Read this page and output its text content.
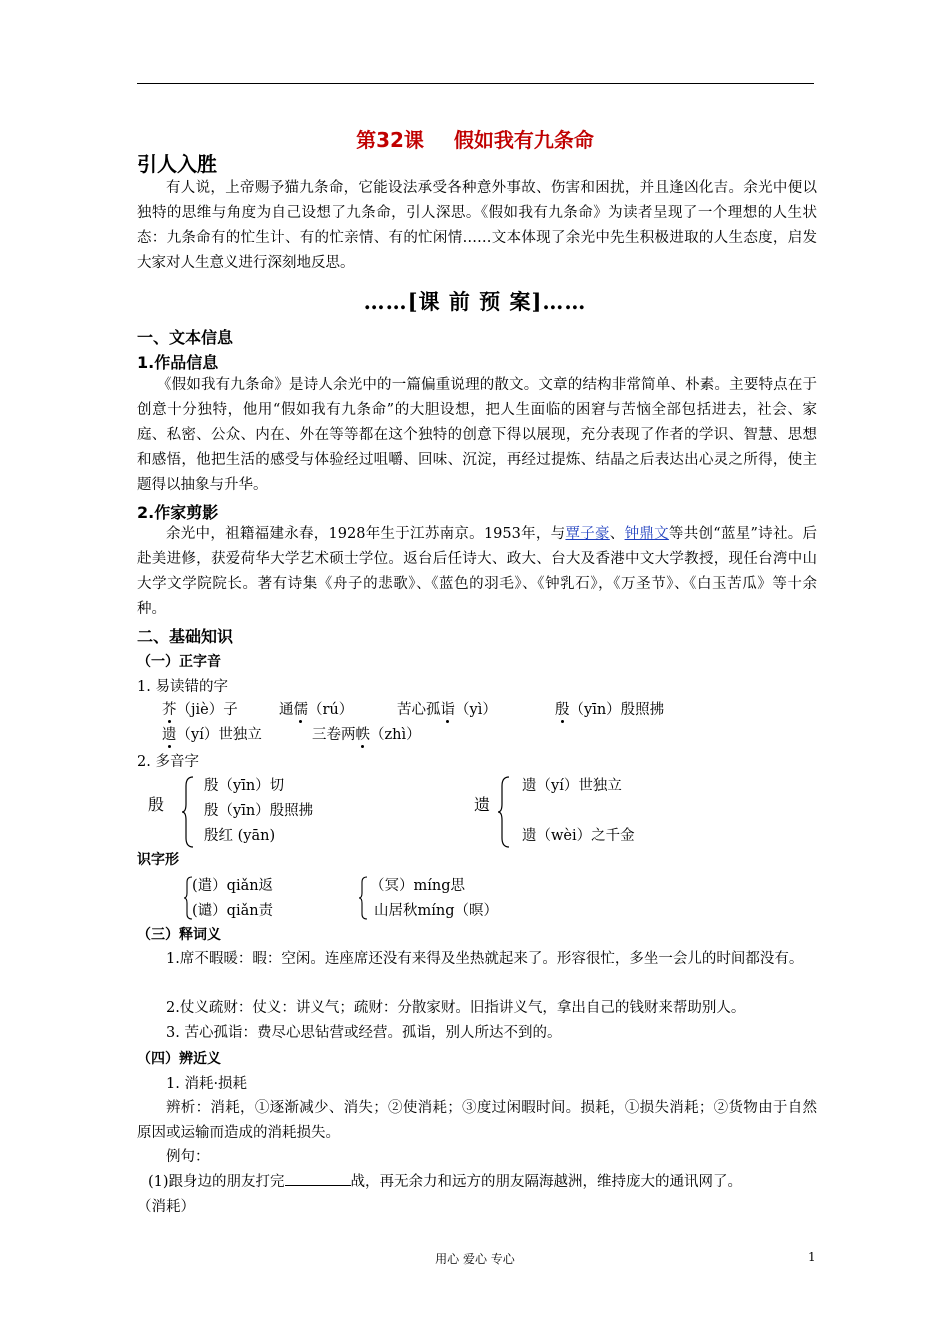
第32课 假如我有九条命
引人入胜
有人说，上帝赐予猫九条命，它能设法承受各种意外事故、伤害和困扰，并且逢凶化吉。余光中便以独特的思维与角度为自己设想了九条命，引人深思。《假如我有九条命》为读者呈现了一个理想的人生状态：九条命有的忙生计、有的忙亲情、有的忙闲情……文本体现了余光中先生积极进取的人生态度，启发大家对人生意义进行深刻地反思。
……[课 前 预 案]……
一、文本信息
1.作品信息
《假如我有九条命》是诗人余光中的一篇偏重说理的散文。文章的结构非常简单、朴素。主要特点在于创意十分独特，他用“假如我有九条命”的大胆设想，把人生面临的困窘与苦恼全部包括进去，社会、家庭、私密、公众、内在、外在等等都在这个独特的创意下得以展现，充分表现了作者的学识、智慧、思想和感悟，他把生活的感受与体验经过咀嚼、回味、沉淀，再经过提炼、结晶之后表达出心灵之所得，使主题得以抽象与升华。
2.作家剪影
余光中，祖籍福建永春，1928年生于江苏南京。1953年，与覃子豪、钟鼎文等共创“蓝星”诗社。后赴美进修，获爱荷华大学艺术硕士学位。返台后任诗大、政大、台大及香港中文大学教授，现任台湾中山大学文学院院长。著有诗集《舟子的悲歌》、《蓝色的羽毛》、《钟乳石》，《万圣节》、《白玉苦瓜》等十余种。
二、基础知识
（一）正字音
1. 易读错的字
芥（jiè）子	通儒（rú）	苦心孤诣（yì）	殷（yīn）殷照拂
遗（yí）世独立	三卷两帙（zhì）
2. 多音字
殷
殷（yīn）切
殷（yīn）殷照拂
殷红 (yān)
遗
遗（yí）世独立
遗（wèi）之千金
识字形
(遣）qiǎn返
(谴）qiǎn责
（冥）míng思
山居秋míng（暝）
（三）释词义
1.席不暇暖：暇：空闲。连座席还没有来得及坐热就起来了。形容很忙，多坐一会儿的时间都没有。
2.仗义疏财：仗义：讲义气；疏财：分散家财。旧指讲义气，拿出自己的钱财来帮助别人。
3. 苦心孤诣：费尽心思钻营或经营。孤诣，别人所达不到的。
（四）辨近义
1. 消耗·损耗
辨析：消耗，①逐渐减少、消失；②使消耗；③度过闲暇时间。损耗，①损失消耗；②货物由于自然原因或运输而造成的消耗损失。
例句：
(1)跟身边的朋友打完	战，再无余力和远方的朋友隔海越洲，维持庞大的通讯网了。
（消耗）
用心 爱心 专心	1
